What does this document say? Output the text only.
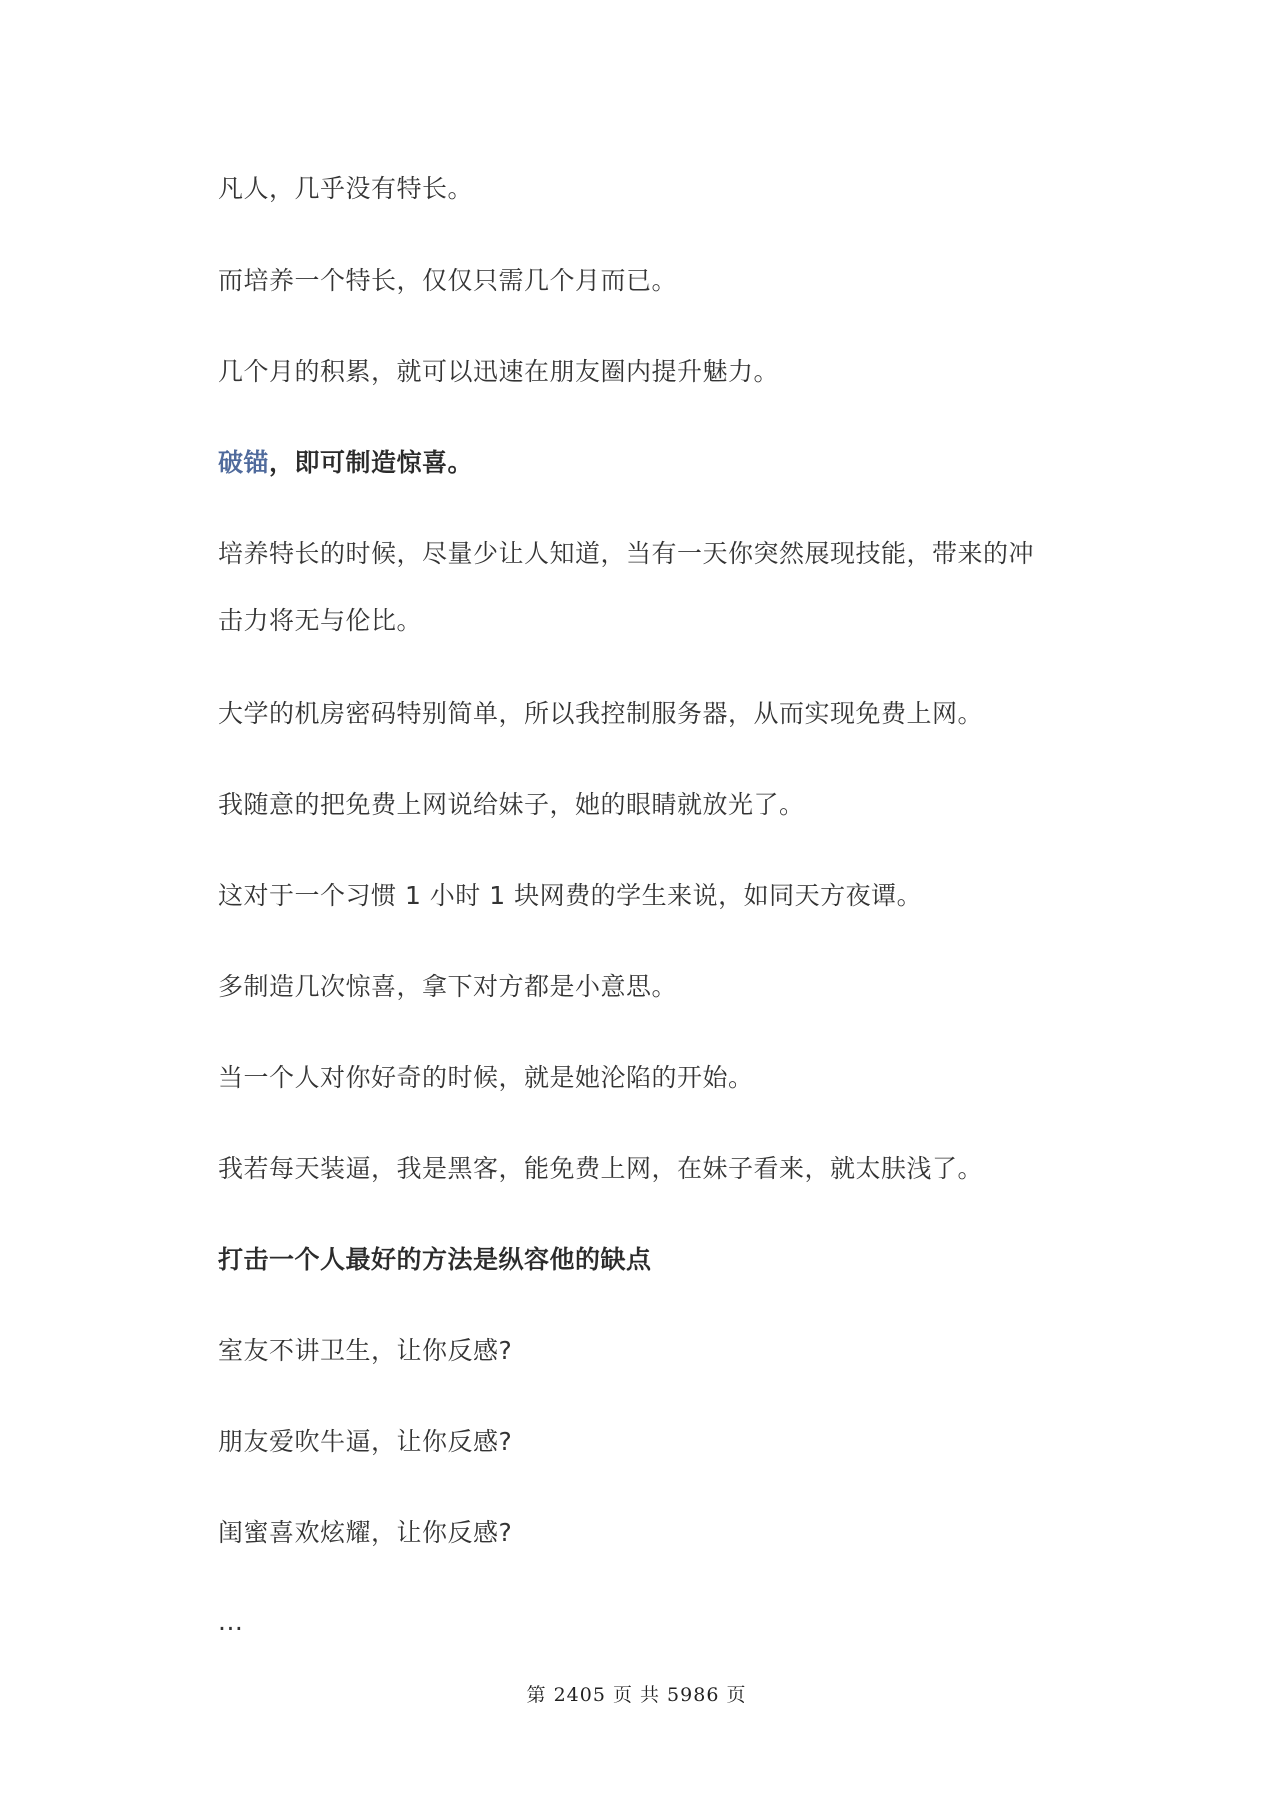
凡人，几乎没有特长。
而培养一个特长，仅仅只需几个月而已。
几个月的积累，就可以迅速在朋友圈内提升魅力。
破锚，即可制造惊喜。
培养特长的时候，尽量少让人知道，当有一天你突然展现技能，带来的冲
击力将无与伦比。
大学的机房密码特别简单，所以我控制服务器，从而实现免费上网。
我随意的把免费上网说给妹子，她的眼睛就放光了。
这对于一个习惯 1 小时 1 块网费的学生来说，如同天方夜谭。
多制造几次惊喜，拿下对方都是小意思。
当一个人对你好奇的时候，就是她沦陷的开始。
我若每天装逼，我是黑客，能免费上网，在妹子看来，就太肤浅了。
打击一个人最好的方法是纵容他的缺点
室友不讲卫生，让你反感?
朋友爱吹牛逼，让你反感?
闺蜜喜欢炫耀，让你反感?
...
第 2405 页 共 5986 页
